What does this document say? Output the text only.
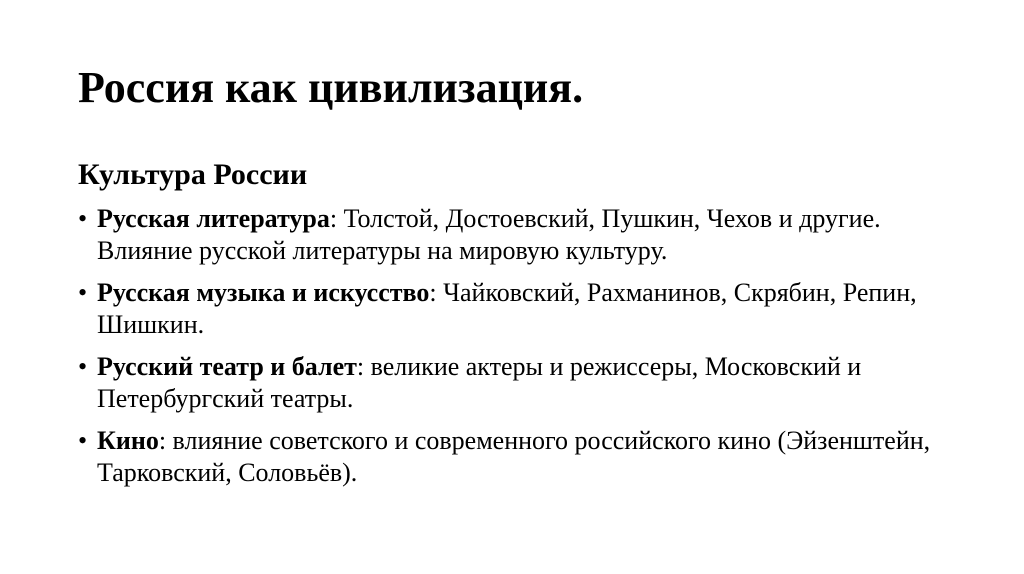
Россия как цивилизация.
Культура России
• Русская литература: Толстой, Достоевский, Пушкин, Чехов и другие. Влияние русской литературы на мировую культуру.
• Русская музыка и искусство: Чайковский, Рахманинов, Скрябин, Репин, Шишкин.
• Русский театр и балет: великие актеры и режиссеры, Московский и Петербургский театры.
• Кино: влияние советского и современного российского кино (Эйзенштейн, Тарковский, Соловьёв).
